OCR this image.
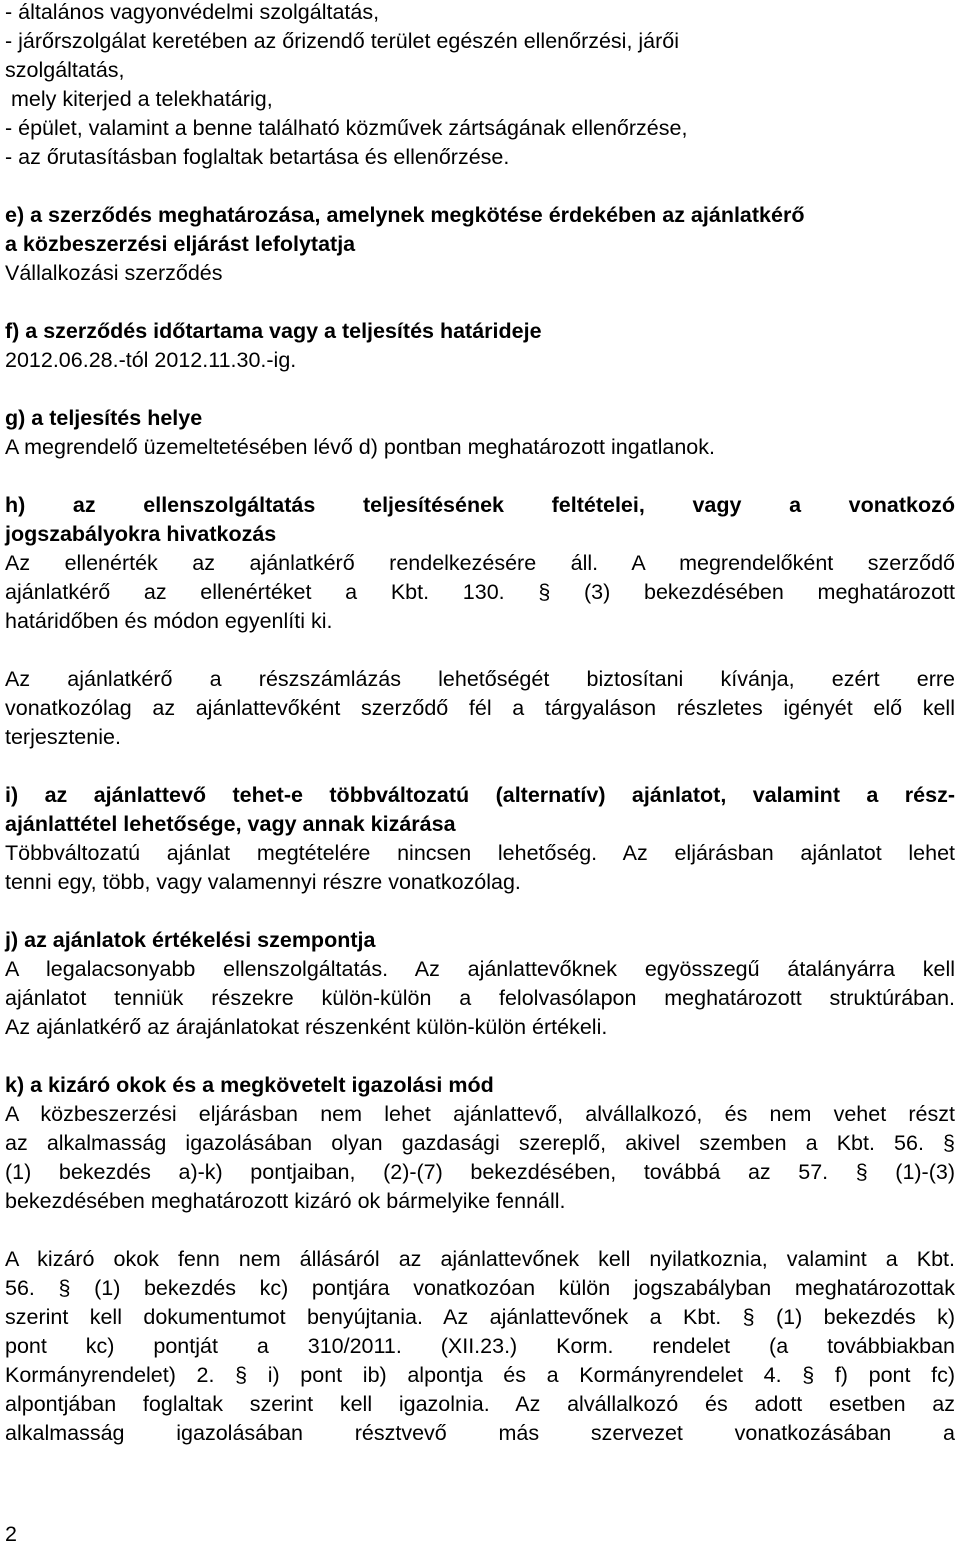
- általános vagyonvédelmi szolgáltatás,
- járőrszolgálat keretében az őrizendő terület egészén ellenőrzési, járői
szolgáltatás,
mely kiterjed a telekhatárig,
- épület, valamint a benne található közművek zártságának ellenőrzése,
- az őrutasításban foglaltak betartása és ellenőrzése.
e) a szerződés meghatározása, amelynek megkötése érdekében az ajánlatkérő
a közbeszerzési eljárást lefolytatja
Vállalkozási szerződés
f) a szerződés időtartama vagy a teljesítés határideje
2012.06.28.-tól 2012.11.30.-ig.
g) a teljesítés helye
A megrendelő üzemeltetésében lévő d) pontban meghatározott ingatlanok.
h) az ellenszolgáltatás teljesítésének feltételei, vagy a vonatkozó
jogszabályokra hivatkozás
Az ellenérték az ajánlatkérő rendelkezésére áll. A megrendelőként szerződő
ajánlatkérő az ellenértéket a Kbt. 130. § (3) bekezdésében meghatározott
határidőben és módon egyenlíti ki.
Az ajánlatkérő a részszámlázás lehetőségét biztosítani kívánja, ezért erre
vonatkozólag az ajánlattevőként szerződő fél a tárgyaláson részletes igényét elő kell
terjesztenie.
i) az ajánlattevő tehet-e többváltozatú (alternatív) ajánlatot, valamint a rész-
ajánlattétel lehetősége, vagy annak kizárása
Többváltozatú ajánlat megtételére nincsen lehetőség. Az eljárásban ajánlatot lehet
tenni egy, több, vagy valamennyi részre vonatkozólag.
j) az ajánlatok értékelési szempontja
A legalacsonyabb ellenszolgáltatás. Az ajánlattevőknek egyösszegű átalányárra kell
ajánlatot tenniük részekre külön-külön a felolvasólapon meghatározott struktúrában.
Az ajánlatkérő az árajánlatokat részenként külön-külön értékeli.
k) a kizáró okok és a megkövetelt igazolási mód
A közbeszerzési eljárásban nem lehet ajánlattevő, alvállalkozó, és nem vehet részt
az alkalmasság igazolásában olyan gazdasági szereplő, akivel szemben a Kbt. 56. §
(1) bekezdés a)-k) pontjaiban, (2)-(7) bekezdésében, továbbá az 57. § (1)-(3)
bekezdésében meghatározott kizáró ok bármelyike fennáll.
A kizáró okok fenn nem állásáról az ajánlattevőnek kell nyilatkoznia, valamint a Kbt.
56. § (1) bekezdés kc) pontjára vonatkozóan külön jogszabályban meghatározottak
szerint kell dokumentumot benyújtania. Az ajánlattevőnek a Kbt. § (1) bekezdés k)
pont kc) pontját a 310/2011. (XII.23.) Korm. rendelet (a továbbiakban
Kormányrendelet) 2. § i) pont ib) alpontja és a Kormányrendelet 4. § f) pont fc)
alpontjában foglaltak szerint kell igazolnia. Az alvállalkozó és adott esetben az
alkalmasság igazolásában résztvevő más szervezet vonatkozásában a
2
